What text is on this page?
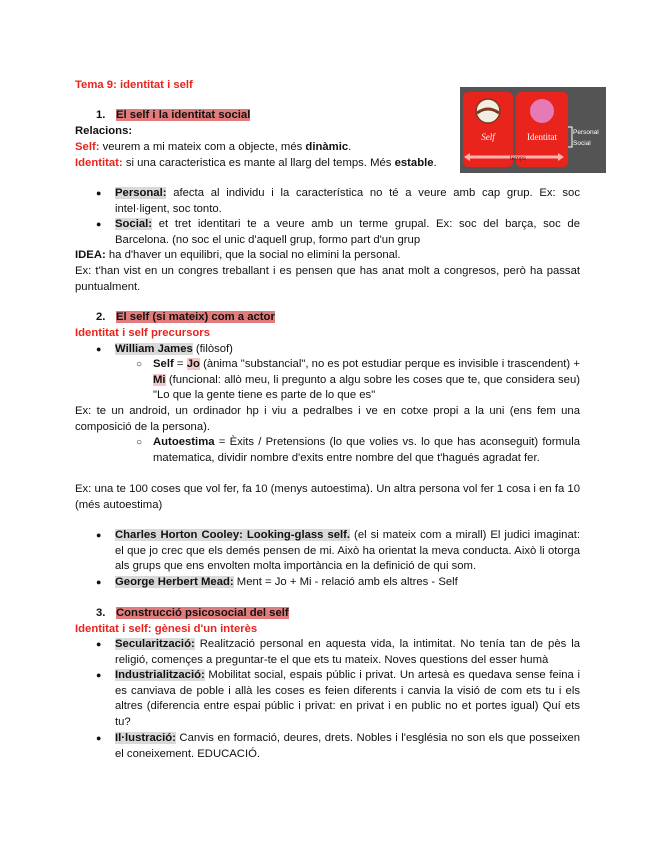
Tema 9: identitat i self
1. El self i la identitat social
Relacions:
Self: veurem a mi mateix com a objecte, més dinàmic.
Identitat: si una caracteristica es mante al llarg del temps. Més estable.
●	Personal: afecta al individu i la característica no té a veure amb cap grup. Ex: soc intel·ligent, soc tonto.
●	Social: et tret identitari te a veure amb un terme grupal. Ex: soc del barça, soc de Barcelona. (no soc el unic d'aquell grup, formo part d'un grup
IDEA: ha d'haver un equilibri, que la social no elimini la personal.
Ex: t'han vist en un congres treballant i es pensen que has anat molt a congresos, però ha passat puntualment.
2. El self (si mateix) com a actor
Identitat i self precursors
●	William James (filòsof)
○ Self = Jo (ànima "substancial", no es pot estudiar perque es invisible i trascendent) + Mi (funcional: allò meu, li pregunto a algu sobre les coses que te, que considera seu) "Lo que la gente tiene es parte de lo que es"
Ex: te un android, un ordinador hp i viu a pedralbes i ve en cotxe propi a la uni (ens fem una composició de la persona).
○ Autoestima = Èxits / Pretensions (lo que volies vs. lo que has aconseguit) formula matematica, dividir nombre d'exits entre nombre del que t'hagués agradat fer.
Ex: una te 100 coses que vol fer, fa 10 (menys autoestima). Un altra persona vol fer 1 cosa i en fa 10 (més autoestima)
●	Charles Horton Cooley: Looking-glass self. (el si mateix com a mirall) El judici imaginat: el que jo crec que els demés pensen de mi. Això ha orientat la meva conducta. Això li otorga als grups que ens envolten molta importància en la definició de qui som.
●	George Herbert Mead: Ment = Jo + Mi - relació amb els altres - Self
3. Construcció psicosocial del self
Identitat i self: gènesi d'un interès
●	Secularització: Realització personal en aquesta vida, la intimitat. No tenía tan de pès la religió, començes a preguntar-te el que ets tu mateix. Noves questions del esser humà
●	Industrialització: Mobilitat social, espais públic i privat. Un artesà es quedava sense feina i es canviava de poble i allà les coses es feien diferents i canvia la visió de com ets tu i els altres (diferencia entre espai públic i privat: en privat i en public no et portes igual) Quí ets tu?
●	Il·lustració: Canvis en formació, deures, drets. Nobles i l'església no son els que posseixen el coneixement. EDUCACIÓ.
Self	Identitat Personal
Social
temps
